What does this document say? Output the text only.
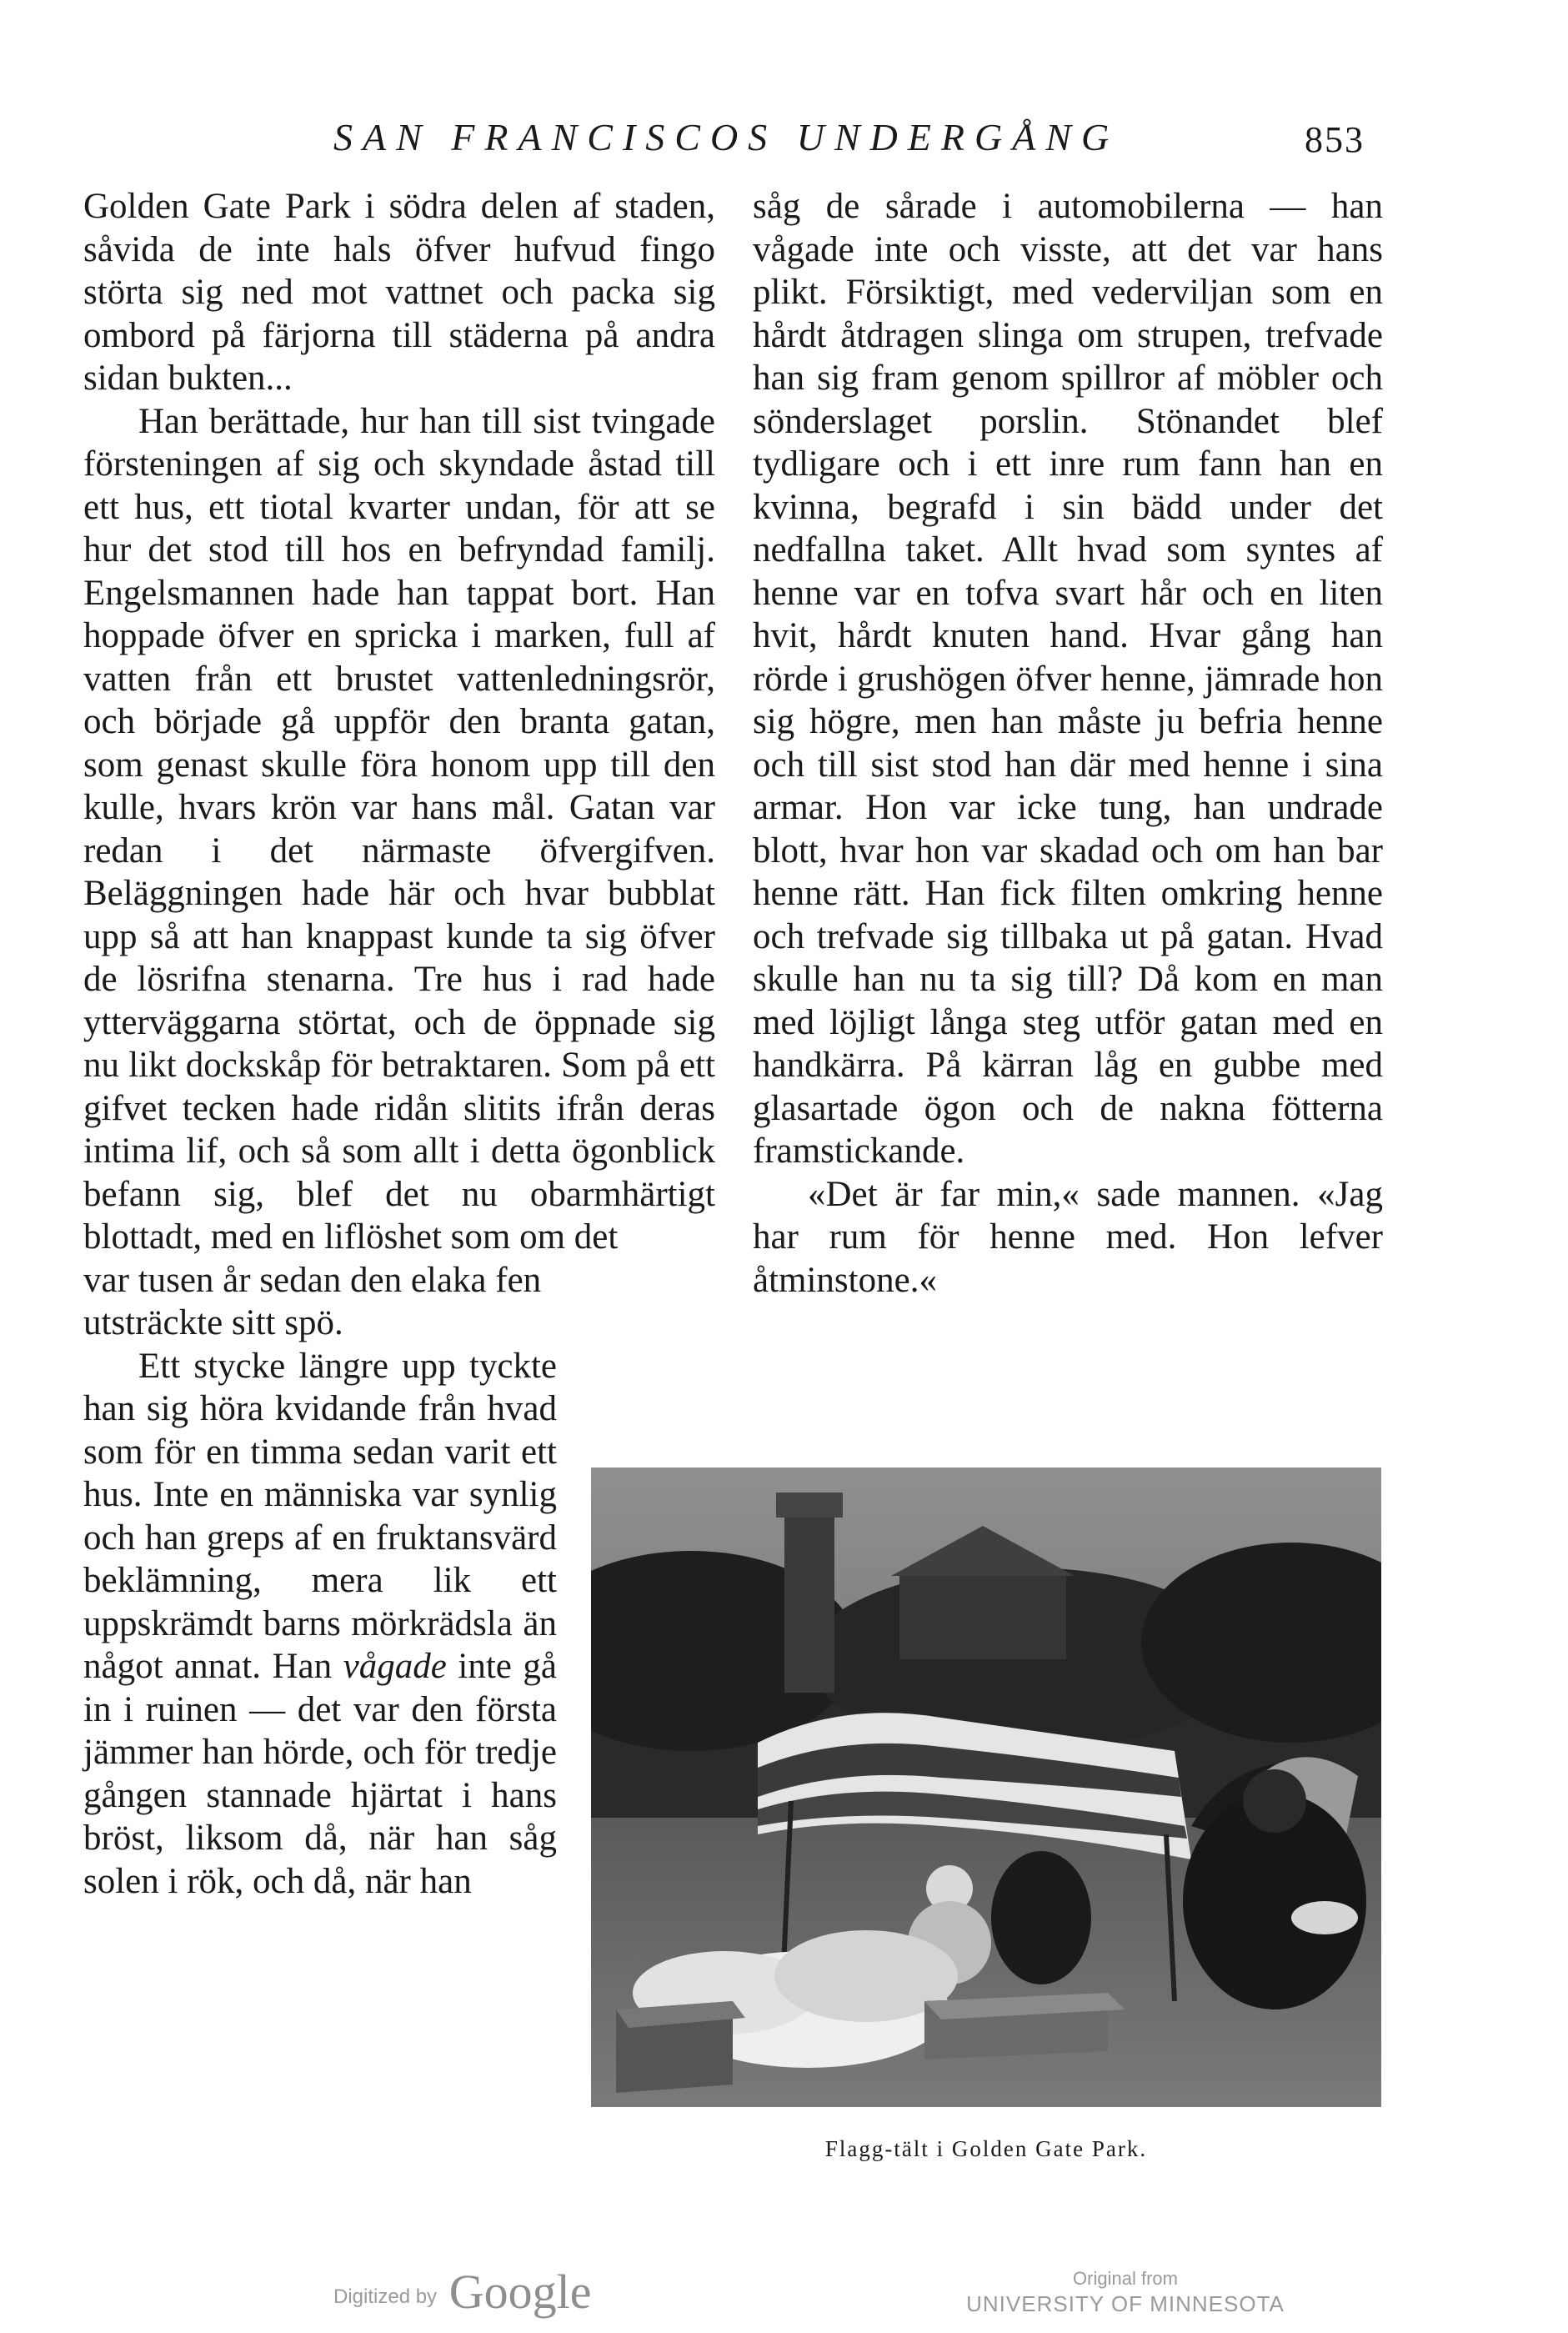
SAN FRANCISCOS UNDERGÅNG	853

Golden Gate Park i södra delen af staden, såvida de inte hals öfver hufvud fingo störta sig ned mot vattnet och packa sig ombord på färjorna till städerna på andra sidan bukten...

Han berättade, hur han till sist tvingade försteningen af sig och skyndade åstad till ett hus, ett tiotal kvarter undan, för att se hur det stod till hos en befryndad familj. Engelsmannen hade han tappat bort. Han hoppade öfver en spricka i marken, full af vatten från ett brustet vattenledningsrör, och började gå uppför den branta gatan, som genast skulle föra honom upp till den kulle, hvars krön var hans mål. Gatan var redan i det närmaste öfvergifven. Beläggningen hade här och hvar bubblat upp så att han knappast kunde ta sig öfver de lösrifna stenarna. Tre hus i rad hade ytterväggarna störtat, och de öppnade sig nu likt dockskåp för betraktaren. Som på ett gifvet tecken hade ridån slitits ifrån deras intima lif, och så som allt i detta ögonblick befann sig, blef det nu obarmhärtigt blottadt, med en liflöshet som om det

var tusen år sedan den elaka fen utsträckte sitt spö.

Ett stycke längre upp tyckte han sig höra kvidande från hvad som för en timma sedan varit ett hus. Inte en människa var synlig och han greps af en fruktansvärd beklämning, mera lik ett uppskrämdt barns mörkrädsla än något annat. Han vågade inte gå in i ruinen — det var den första jämmer han hörde, och för tredje gången stannade hjärtat i hans bröst, liksom då, när han såg solen i rök, och då, när han

såg de sårade i automobilerna — han vågade inte och visste, att det var hans plikt. Försiktigt, med vederviljan som en hårdt åtdragen slinga om strupen, trefvade han sig fram genom spillror af möbler och sönderslaget porslin. Stönandet blef tydligare och i ett inre rum fann han en kvinna, begrafd i sin bädd under det nedfallna taket. Allt hvad som syntes af henne var en tofva svart hår och en liten hvit, hårdt knuten hand. Hvar gång han rörde i grushögen öfver henne, jämrade hon sig högre, men han måste ju befria henne och till sist stod han där med henne i sina armar. Hon var icke tung, han undrade blott, hvar hon var skadad och om han bar henne rätt. Han fick filten omkring henne och trefvade sig tillbaka ut på gatan. Hvad skulle han nu ta sig till? Då kom en man med löjligt långa steg utför gatan med en handkärra. På kärran låg en gubbe med glasartade ögon och de nakna fötterna framstickande.

«Det är far min,« sade mannen. «Jag har rum för henne med. Hon lefver åtminstone.«

Flagg-tält i Golden Gate Park.
Digitized by Google	Original from
UNIVERSITY OF MINNESOTA
